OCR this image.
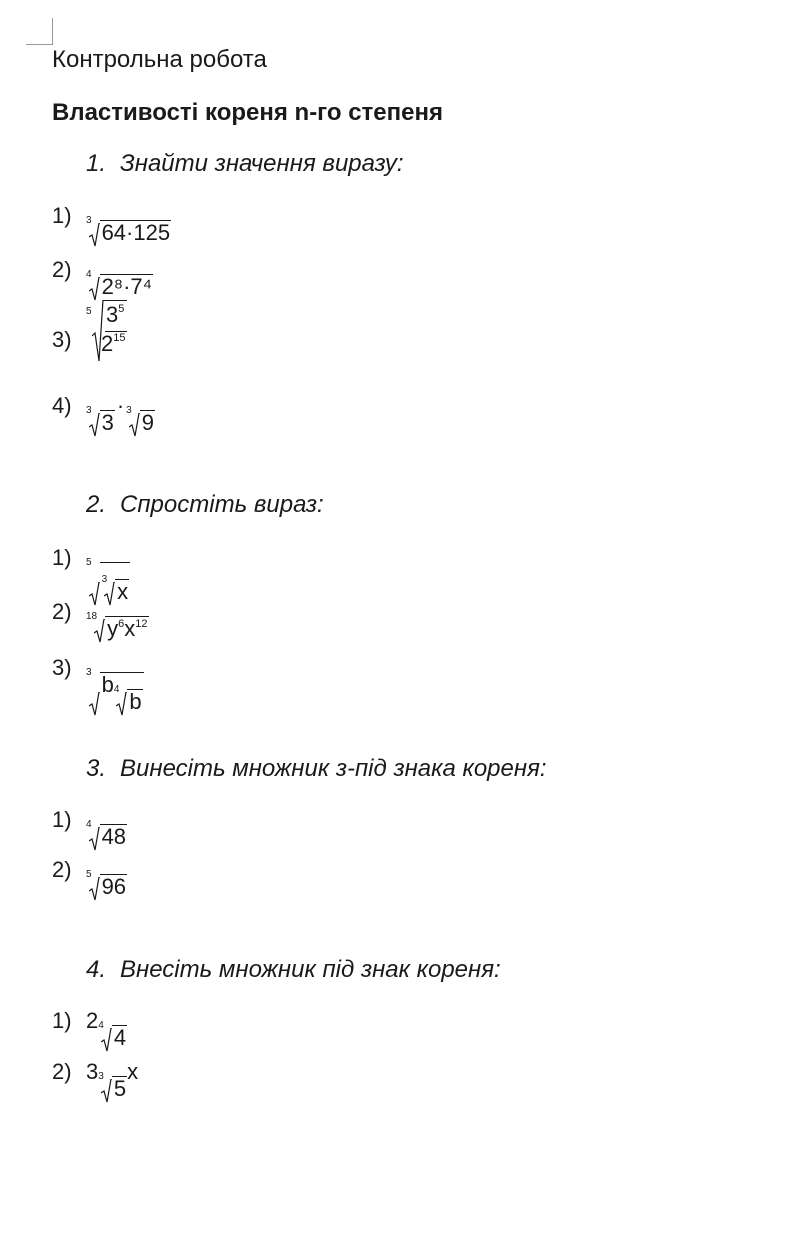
Контрольна робота
Властивості кореня n-го степеня
1. Знайти значення виразу:
1) 3 64·125
2) 4 2⁸·7⁴
3)
5 $3^5$
$2^{15}$
4) 3 3
· 3 9
2. Спростіть вираз:
1) 5
3 x
2) 18 $y^6x^{12}$
3) 3 b 4 b
3. Винесіть множник з-під знака кореня:
1) 4 48
2) 5 96
4. Внесіть множник під знак кореня:
1) 2 4 4
2) 3 3 5
x
